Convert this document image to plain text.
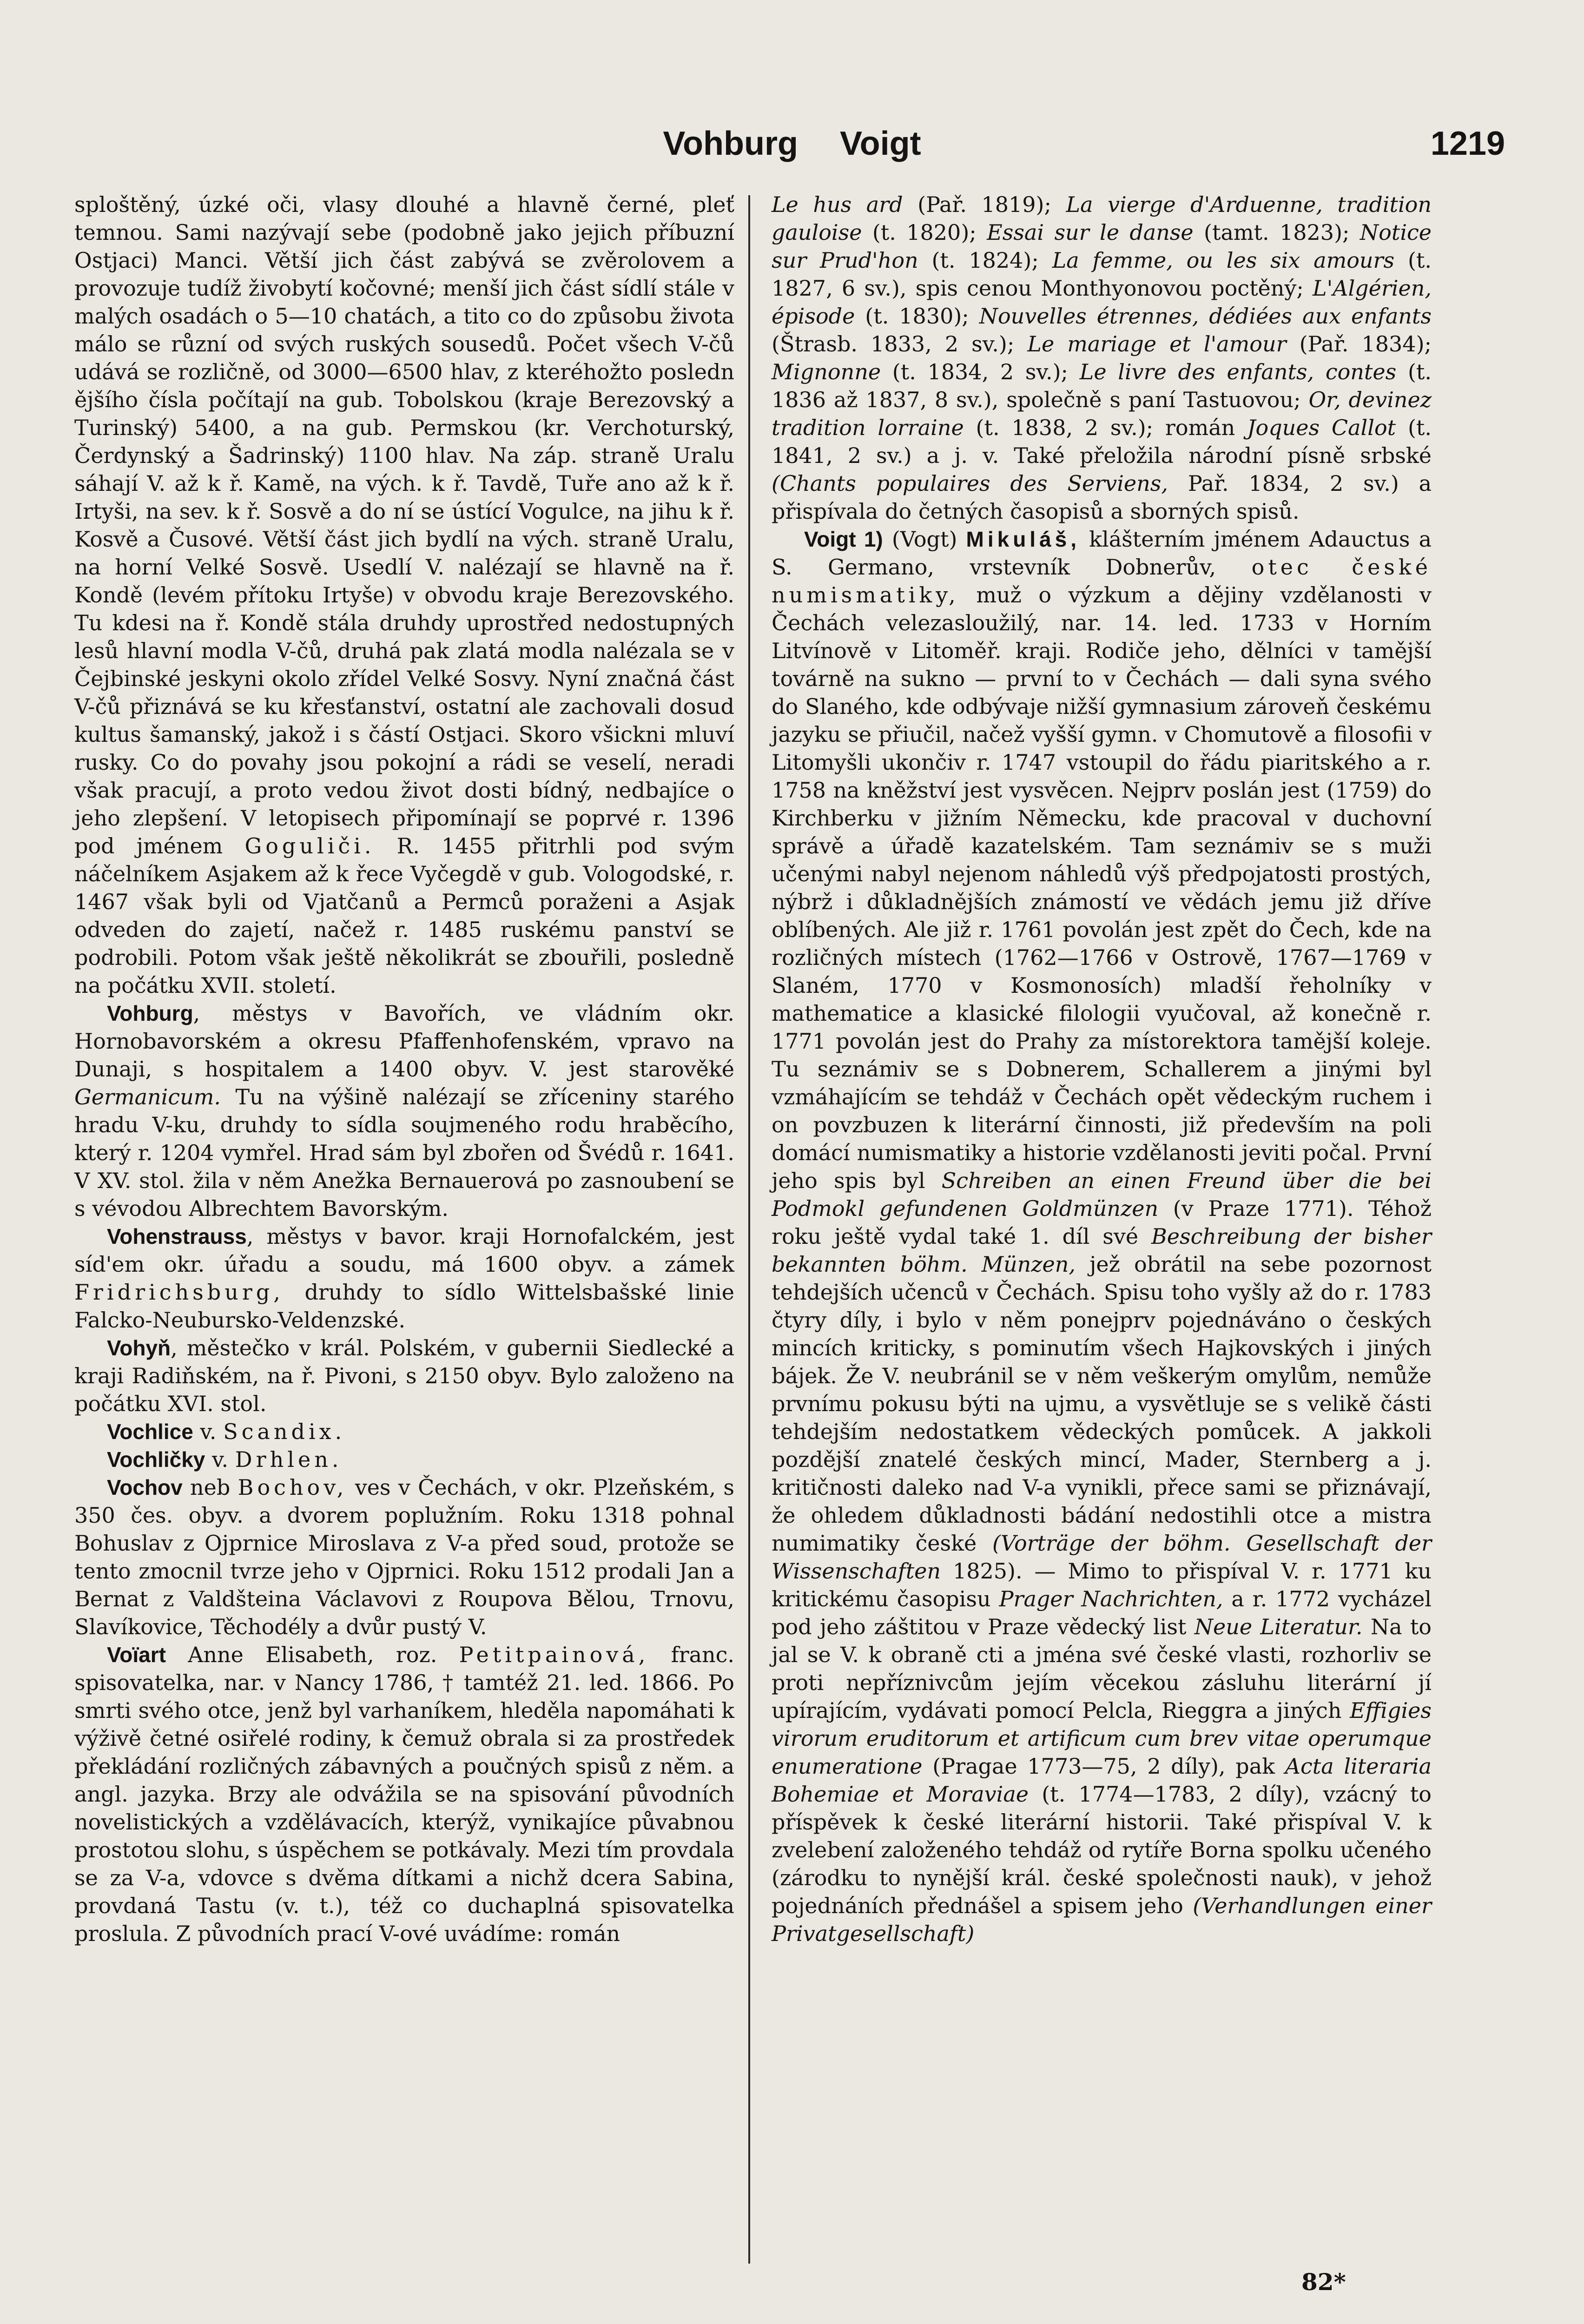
Vohburg Voigt	1219

sploštěný, úzké oči, vlasy dlouhé a hlavně černé, pleť temnou. Sami nazývají sebe (podobně jako jejich příbuzní Ostjaci) Manci. Větší jich část zabývá se zvěrolovem a provozuje tudíž živobytí kočovné; menší jich část sídlí stále v malých osadách o 5—10 chatách, a tito co do způsobu života málo se různí od svých ruských sousedů. Počet všech V-čů udává se rozličně, od 3000—6500 hlav, z kteréhožto posledn ějšího čísla počítají na gub. Tobolskou (kraje Berezovský a Turinský) 5400, a na gub. Permskou (kr. Verchoturský, Čerdynský a Šadrinský) 1100 hlav. Na záp. straně Uralu sáhají V. až k ř. Kamě, na vých. k ř. Tavdě, Tuře ano až k ř. Irtyši, na sev. k ř. Sosvě a do ní se ústící Vogulce, na jihu k ř. Kosvě a Čusové. Větší část jich bydlí na vých. straně Uralu, na horní Velké Sosvě. Usedlí V. nalézají se hlavně na ř. Kondě (levém přítoku Irtyše) v obvodu kraje Berezovského. Tu kdesi na ř. Kondě stála druhdy uprostřed nedostupných lesů hlavní modla V-čů, druhá pak zlatá modla nalézala se v Čejbinské jeskyni okolo zřídel Velké Sosvy. Nyní značná část V-čů přiznává se ku křesťanství, ostatní ale zachovali dosud kultus šamanský, jakož i s částí Ostjaci. Skoro všickni mluví rusky. Co do povahy jsou pokojní a rádi se veselí, neradi však pracují, a proto vedou život dosti bídný, nedbajíce o jeho zlepšení. V letopisech připomínají se poprvé r. 1396 pod jménem Goguliči. R. 1455 přitrhli pod svým náčelníkem Asjakem až k řece Vyčegdě v gub. Vologodské, r. 1467 však byli od Vjatčanů a Permců poraženi a Asjak odveden do zajetí, načež r. 1485 ruskému panství se podrobili. Potom však ještě několikrát se zbouřili, posledně na počátku XVII. století.

Vohburg, městys v Bavořích, ve vládním okr. Hornobavorském a okresu Pfaffenhofenském, vpravo na Dunaji, s hospitalem a 1400 obyv. V. jest starověké Germanicum. Tu na výšině nalézají se zříceniny starého hradu V-ku, druhdy to sídla soujmeného rodu hraběcího, který r. 1204 vymřel. Hrad sám byl zbořen od Švédů r. 1641. V XV. stol. žila v něm Anežka Bernauerová po zasnoubení se s vévodou Albrechtem Bavorským.

Vohenstrauss, městys v bavor. kraji Hornofalckém, jest síd'em okr. úřadu a soudu, má 1600 obyv. a zámek Fridrichsburg, druhdy to sídlo Wittelsbašské linie Falcko-Neubursko-Veldenzské.

Vohyň, městečko v král. Polském, v gubernii Siedlecké a kraji Radiňském, na ř. Pivoni, s 2150 obyv. Bylo založeno na počátku XVI. stol.

Vochlice v. Scandix.

Vochličky v. Drhlen.

Vochov neb Bochov, ves v Čechách, v okr. Plzeňském, s 350 čes. obyv. a dvorem poplužním. Roku 1318 pohnal Bohuslav z Ojprnice Miroslava z V-a před soud, protože se tento zmocnil tvrze jeho v Ojprnici. Roku 1512 prodali Jan a Bernat z Valdšteina Václavovi z Roupova Bělou, Trnovu, Slavíkovice, Těchodély a dvůr pustý V.

Voïart Anne Elisabeth, roz. Petitpainová, franc. spisovatelka, nar. v Nancy 1786, † tamtéž 21. led. 1866. Po smrti svého otce, jenž byl varhaníkem, hleděla napomáhati k výživě četné osiřelé rodiny, k čemuž obrala si za prostředek překládání rozličných zábavných a poučných spisů z něm. a angl. jazyka. Brzy ale odvážila se na spisování původních novelistických a vzdělávacích, kterýž, vynikajíce půvabnou prostotou slohu, s úspěchem se potkávaly. Mezi tím provdala se za V-a, vdovce s dvěma dítkami a nichž dcera Sabina, provdaná Tastu (v. t.), též co duchaplná spisovatelka proslula. Z původních prací V-ové uvádíme: román

Le hus ard (Pař. 1819); La vierge d'Arduenne, tradition gauloise (t. 1820); Essai sur le danse (tamt. 1823); Notice sur Prud'hon (t. 1824); La femme, ou les six amours (t. 1827, 6 sv.), spis cenou Monthyonovou poctěný; L'Algérien, épisode (t. 1830); Nouvelles étrennes, dédiées aux enfants (Štrasb. 1833, 2 sv.); Le mariage et l'amour (Pař. 1834); Mignonne (t. 1834, 2 sv.); Le livre des enfants, contes (t. 1836 až 1837, 8 sv.), společně s paní Tastuovou; Or, devinez tradition lorraine (t. 1838, 2 sv.); román Joques Callot (t. 1841, 2 sv.) a j. v. Také přeložila národní písně srbské (Chants populaires des Serviens, Pař. 1834, 2 sv.) a přispívala do četných časopisů a sborných spisů.

Voigt 1) (Vogt) Mikuláš, klášterním jménem Adauctus a S. Germano, vrstevník Dobnerův, otec české numismatiky, muž o výzkum a dějiny vzdělanosti v Čechách velezasloužilý, nar. 14. led. 1733 v Horním Litvínově v Litoměř. kraji. Rodiče jeho, dělníci v tamější továrně na sukno — první to v Čechách — dali syna svého do Slaného, kde odbývaje nižší gymnasium zároveň českému jazyku se přiučil, načež vyšší gymn. v Chomutově a filosofii v Litomyšli ukončiv r. 1747 vstoupil do řádu piaritského a r. 1758 na kněžství jest vysvěcen. Nejprv poslán jest (1759) do Kirchberku v jižním Německu, kde pracoval v duchovní správě a úřadě kazatelském. Tam seznámiv se s muži učenými nabyl nejenom náhledů výš předpojatosti prostých, nýbrž i důkladnějších známostí ve vědách jemu již dříve oblíbených. Ale již r. 1761 povolán jest zpět do Čech, kde na rozličných místech (1762—1766 v Ostrově, 1767—1769 v Slaném, 1770 v Kosmonosích) mladší řeholníky v mathematice a klasické filologii vyučoval, až konečně r. 1771 povolán jest do Prahy za místorektora tamější koleje. Tu seznámiv se s Dobnerem, Schallerem a jinými byl vzmáhajícím se tehdáž v Čechách opět vědeckým ruchem i on povzbuzen k literární činnosti, již především na poli domácí numismatiky a historie vzdělanosti jeviti počal. První jeho spis byl Schreiben an einen Freund über die bei Podmokl gefundenen Goldmünzen (v Praze 1771). Téhož roku ještě vydal také 1. díl své Beschreibung der bisher bekannten böhm. Münzen, jež obrátil na sebe pozornost tehdejších učenců v Čechách. Spisu toho vyšly až do r. 1783 čtyry díly, i bylo v něm ponejprv pojednáváno o českých mincích kriticky, s pominutím všech Hajkovských i jiných bájek. Že V. neubránil se v něm veškerým omylům, nemůže prvnímu pokusu býti na ujmu, a vysvětluje se s velikě části tehdejším nedostatkem vědeckých pomůcek. A jakkoli pozdější znatelé českých mincí, Mader, Sternberg a j. kritičnosti daleko nad V-a vynikli, přece sami se přiznávají, že ohledem důkladnosti bádání nedostihli otce a mistra numimatiky české (Vorträge der böhm. Gesellschaft der Wissenschaften 1825). — Mimo to přispíval V. r. 1771 ku kritickému časopisu Prager Nachrichten, a r. 1772 vycházel pod jeho záštitou v Praze vědecký list Neue Literatur. Na to jal se V. k obraně cti a jména své české vlasti, rozhorliv se proti nepříznivcům jejím věcekou zásluhu literární jí upírajícím, vydávati pomocí Pelcla, Rieggra a jiných Effigies virorum eruditorum et artificum cum brev vitae operumque enumeratione (Pragae 1773—75, 2 díly), pak Acta literaria Bohemiae et Moraviae (t. 1774—1783, 2 díly), vzácný to příspěvek k české literární historii. Také přispíval V. k zvelebení založeného tehdáž od rytíře Borna spolku učeného (zárodku to nynější král. české společnosti nauk), v jehož pojednáních přednášel a spisem jeho (Verhandlungen einer Privatgesellschaft)

82*
